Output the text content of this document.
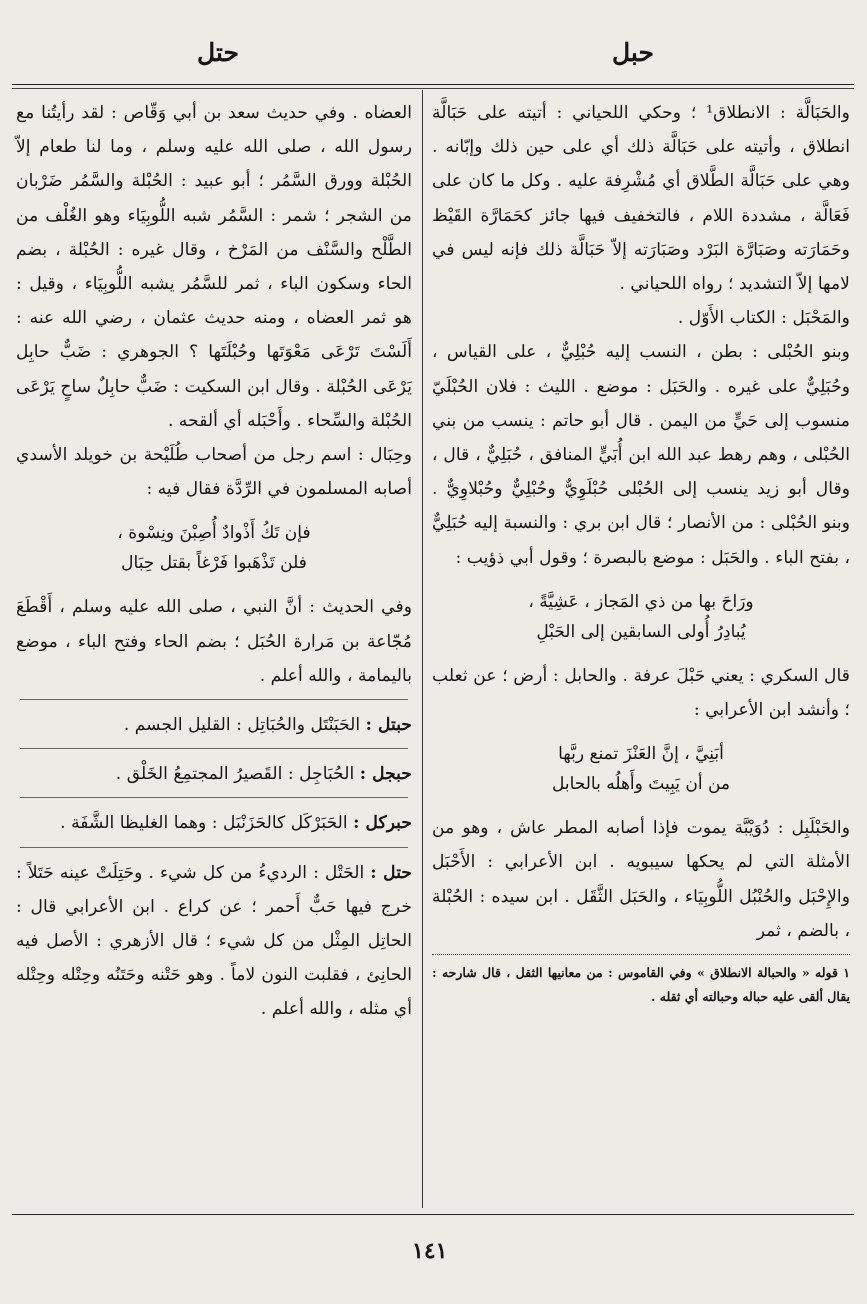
حبل
حتل

والحَبَالَّة : الانطلاق¹ ؛ وحكي اللحياني : أتيته على حَبَالَّة انطلاق ، وأتيته على حَبَالَّة ذلك أي على حين ذلك وإبّانه . وهي على حَبَالَّة الطَّلاق أي مُشْرِفة عليه . وكل ما كان على فَعَالَّة ، مشددة اللام ، فالتخفيف فيها جائز كحَمَارَّة القَيْظ وحَمَارَته وصَبَارَّة البَرْد وصَبَارَته إلاّ حَبَالَّة ذلك فإنه ليس في لامها إلاّ التشديد ؛ رواه اللحياني .

والمَحْبَل : الكتاب الأَوّل .

وبنو الحُبْلى : بطن ، النسب إليه حُبْلِيٌّ ، على القياس ، وحُبَلِيٌّ على غيره . والحَبَل : موضع . الليث : فلان الحُبْلَيّ منسوب إلى حَيٍّ من اليمن . قال أبو حاتم : ينسب من بني الحُبْلى ، وهم رهط عبد الله ابن أُبَيٍّ المنافق ، حُبَلِيٌّ ، قال ، وقال أبو زيد ينسب إلى الحُبْلى حُبْلَوِيٌّ وحُبْلِيٌّ وحُبْلاوِيٌّ . وبنو الحُبْلى : من الأنصار ؛ قال ابن بري : والنسبة إليه حُبَلِيٌّ ، بفتح الباء . والحَبَل : موضع بالبصرة ؛ وقول أبي ذؤيب :

ورَاحَ بها من ذي المَجاز ، عَشِيَّةً ،
يُبادِرُ أُولى السابقين إلى الحَبْلِ

قال السكري : يعني حَبْلَ عرفة . والحابل : أرض ؛ عن ثعلب ؛ وأنشد ابن الأعرابي :

أبَنِيَّ ، إنَّ العَنْزَ تمنع ربَّها
من أن يَبِيتَ وأَهلُه بالحابل

والحَبْلَبِل : دُوَيْبَّة يموت فإذا أصابه المطر عاش ، وهو من الأمثلة التي لم يحكها سيبويه . ابن الأعرابي : الأَحْبَل والإِحْبَل والحُنْبُل اللُّوبِيَاء ، والحَبَل الثَّقَل . ابن سيده : الحُبْلة ، بالضم ، ثمر

١ قوله « والحبالة الانطلاق » وفي القاموس : من معانيها الثقل ، قال شارحه : يقال ألقى عليه حباله وحبالته أي ثقله .

العضاه . وفي حديث سعد بن أبي وَقّاص : لقد رأيتُنا مع رسول الله ، صلى الله عليه وسلم ، وما لنا طعام إلاّ الحُبْلة وورق السَّمُر ؛ أبو عبيد : الحُبْلة والسَّمُر ضَرْبان من الشجر ؛ شمر : السَّمُر شبه اللُّوبِيَاء وهو الغُلْف من الطَّلْح والسَّنْف من المَرْخ ، وقال غيره : الحُبْلة ، بضم الحاء وسكون الباء ، ثمر للسَّمُر يشبه اللُّوبِيَاء ، وقيل : هو ثمر العضاه ، ومنه حديث عثمان ، رضي الله عنه : أَلَسْتَ تَرْعَى مَعْوَتَها وحُبْلَتَها ؟ الجوهري : ضَبٌّ حابِل يَرْعَى الحُبْلة . وقال ابن السكيت : ضَبٌّ حابِلٌ ساحٍ يَرْعَى الحُبْلة والسِّحاء . وأَحْبَله أي ألقحه .

وحِبَال : اسم رجل من أصحاب طُلَيْحة بن خويلد الأسدي أصابه المسلمون في الرِّدَّة فقال فيه :

فإن تَكُ أَذْوادٌ أُصِبْنَ ونِسْوة ،
فلن تَذْهَبوا فَرْغاً بقتل حِبَال

وفي الحديث : أنَّ النبي ، صلى الله عليه وسلم ، أَقْطَعَ مُجّاعة بن مَرارة الحُبَل ؛ بضم الحاء وفتح الباء ، موضع باليمامة ، والله أعلم .

حبتل : الحَبَنْتَل والحُبَاتِل : القليل الجسم .

حبجل : الحُبَاجِل : القَصيرُ المجتمِعُ الخَلْق .

حبركل : الحَبَرْكَل كالحَزَنْبَل : وهما الغليظا الشَّفَة .

حتل : الحَتْل : الرديءُ من كل شيء . وحَتِلَتْ عينه حَتَلاً : خرج فيها حَبٌّ أَحمر ؛ عن كراع . ابن الأعرابي قال : الحاتِل المِثْل من كل شيء ؛ قال الأزهري : الأصل فيه الحانِئ ، فقلبت النون لاماً . وهو حَتْنه وحَتَنُه وحِتْله وحِتْله أي مثله ، والله أعلم .

١٤١
